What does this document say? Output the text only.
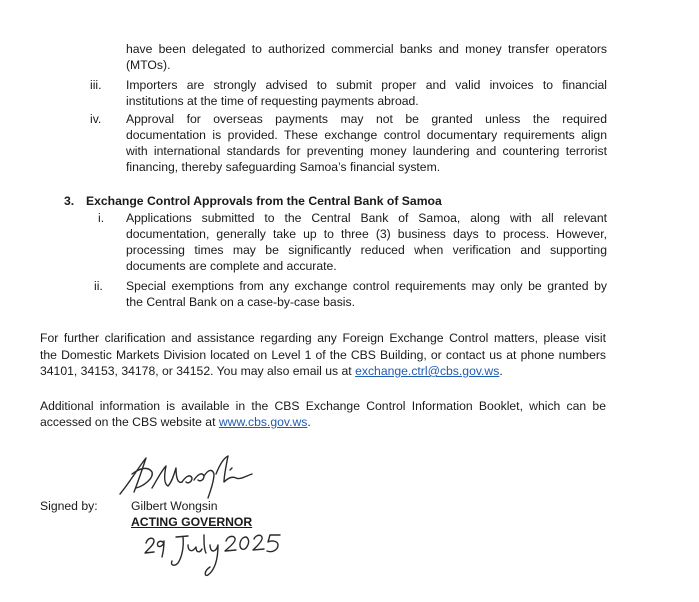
have been delegated to authorized commercial banks and money transfer operators
(MTOs).
iii. Importers are strongly advised to submit proper and valid invoices to financial
institutions at the time of requesting payments abroad.
iv. Approval for overseas payments may not be granted unless the required
documentation is provided. These exchange control documentary requirements align
with international standards for preventing money laundering and countering terrorist
financing, thereby safeguarding Samoa’s financial system.
3. Exchange Control Approvals from the Central Bank of Samoa
i. Applications submitted to the Central Bank of Samoa, along with all relevant
documentation, generally take up to three (3) business days to process. However,
processing times may be significantly reduced when verification and supporting
documents are complete and accurate.
ii. Special exemptions from any exchange control requirements may only be granted by
the Central Bank on a case-by-case basis.
For further clarification and assistance regarding any Foreign Exchange Control matters, please visit
the Domestic Markets Division located on Level 1 of the CBS Building, or contact us at phone numbers
34101, 34153, 34178, or 34152. You may also email us at exchange.ctrl@cbs.gov.ws.
Additional information is available in the CBS Exchange Control Information Booklet, which can be
accessed on the CBS website at www.cbs.gov.ws.
Signed by:	Gilbert Wongsin
ACTING GOVERNOR
